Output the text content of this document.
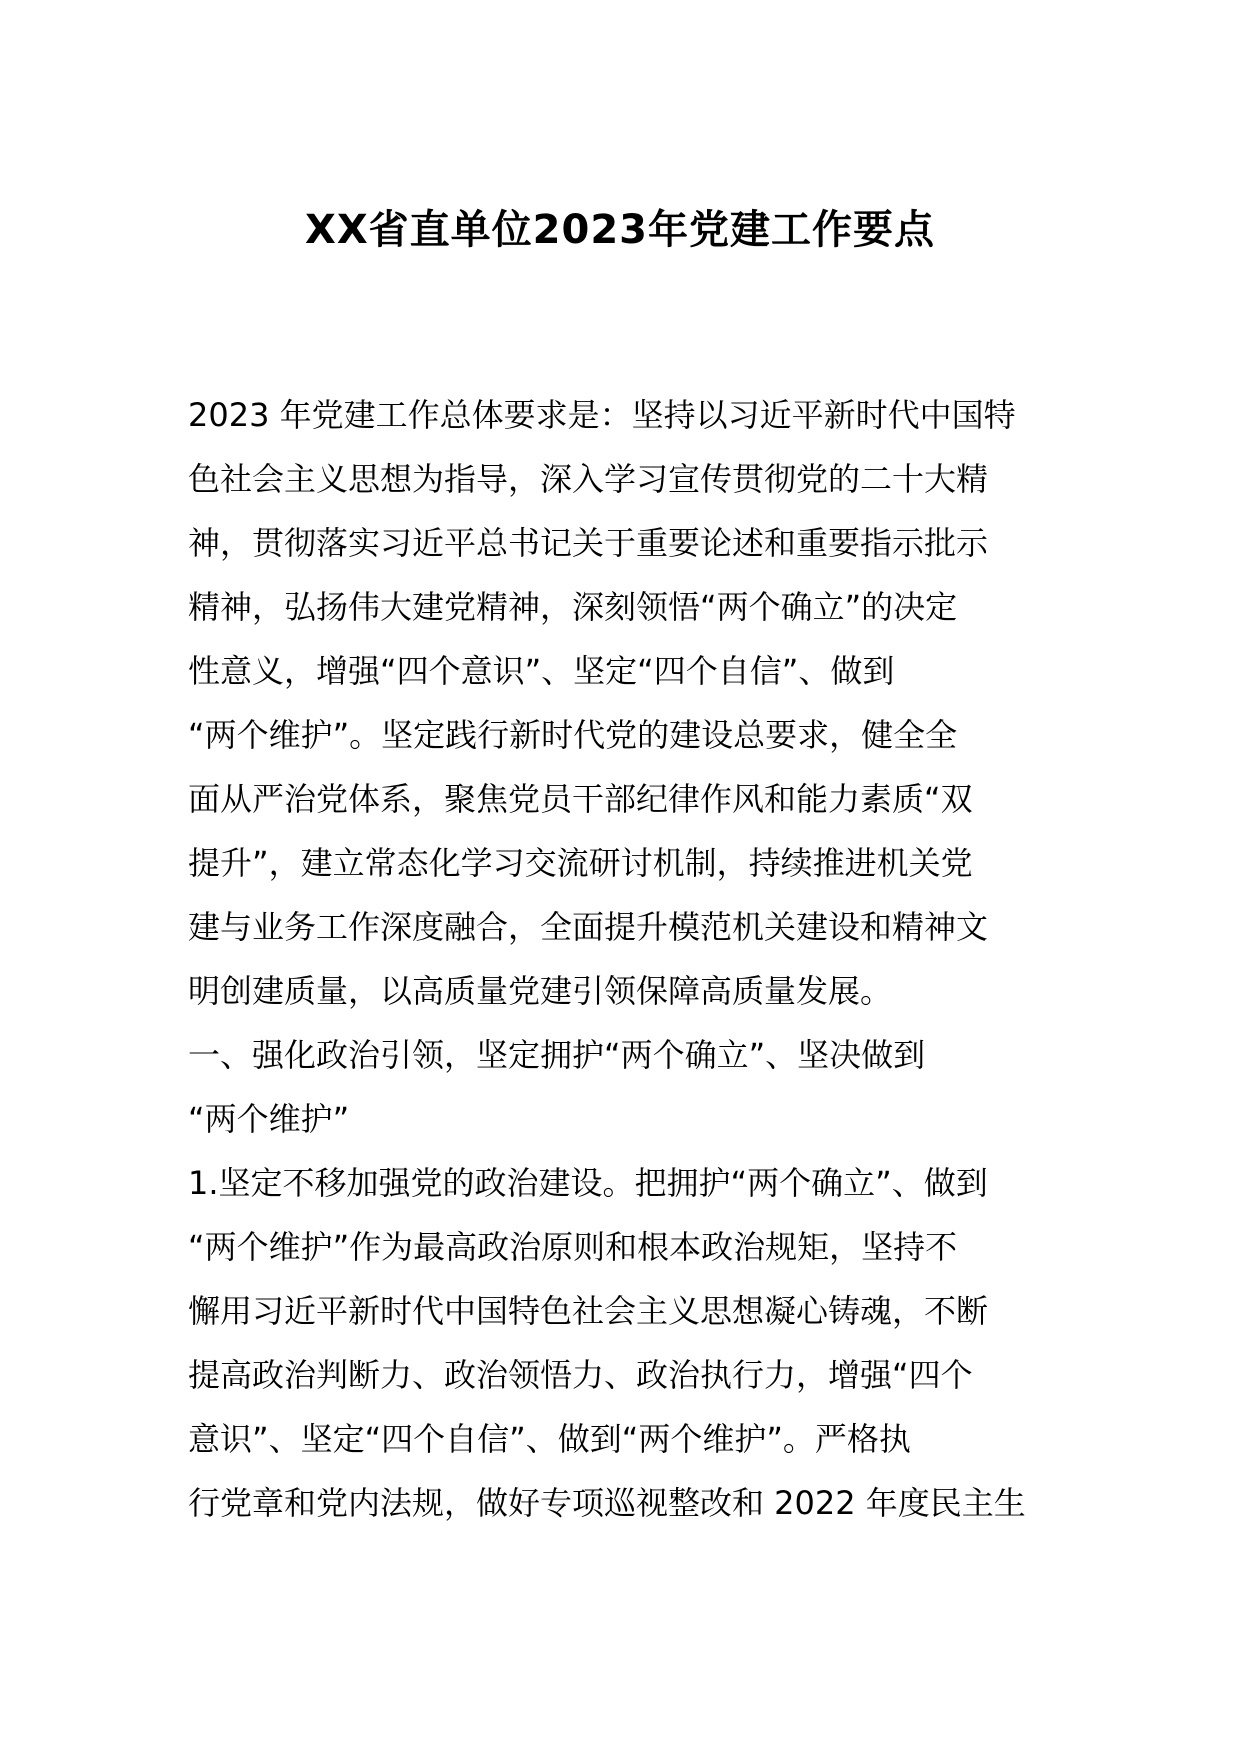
XX省直单位2023年党建工作要点
2023 年党建工作总体要求是：坚持以习近平新时代中国特
色社会主义思想为指导，深入学习宣传贯彻党的二十大精
神，贯彻落实习近平总书记关于重要论述和重要指示批示
精神，弘扬伟大建党精神，深刻领悟“两个确立”的决定
性意义，增强“四个意识”、坚定“四个自信”、做到
“两个维护”。坚定践行新时代党的建设总要求，健全全
面从严治党体系，聚焦党员干部纪律作风和能力素质“双
提升”，建立常态化学习交流研讨机制，持续推进机关党
建与业务工作深度融合，全面提升模范机关建设和精神文
明创建质量，以高质量党建引领保障高质量发展。
一、强化政治引领，坚定拥护“两个确立”、坚决做到
“两个维护”
1.坚定不移加强党的政治建设。把拥护“两个确立”、做到
“两个维护”作为最高政治原则和根本政治规矩，坚持不
懈用习近平新时代中国特色社会主义思想凝心铸魂，不断
提高政治判断力、政治领悟力、政治执行力，增强“四个
意识”、坚定“四个自信”、做到“两个维护”。严格执
行党章和党内法规，做好专项巡视整改和 2022 年度民主生
